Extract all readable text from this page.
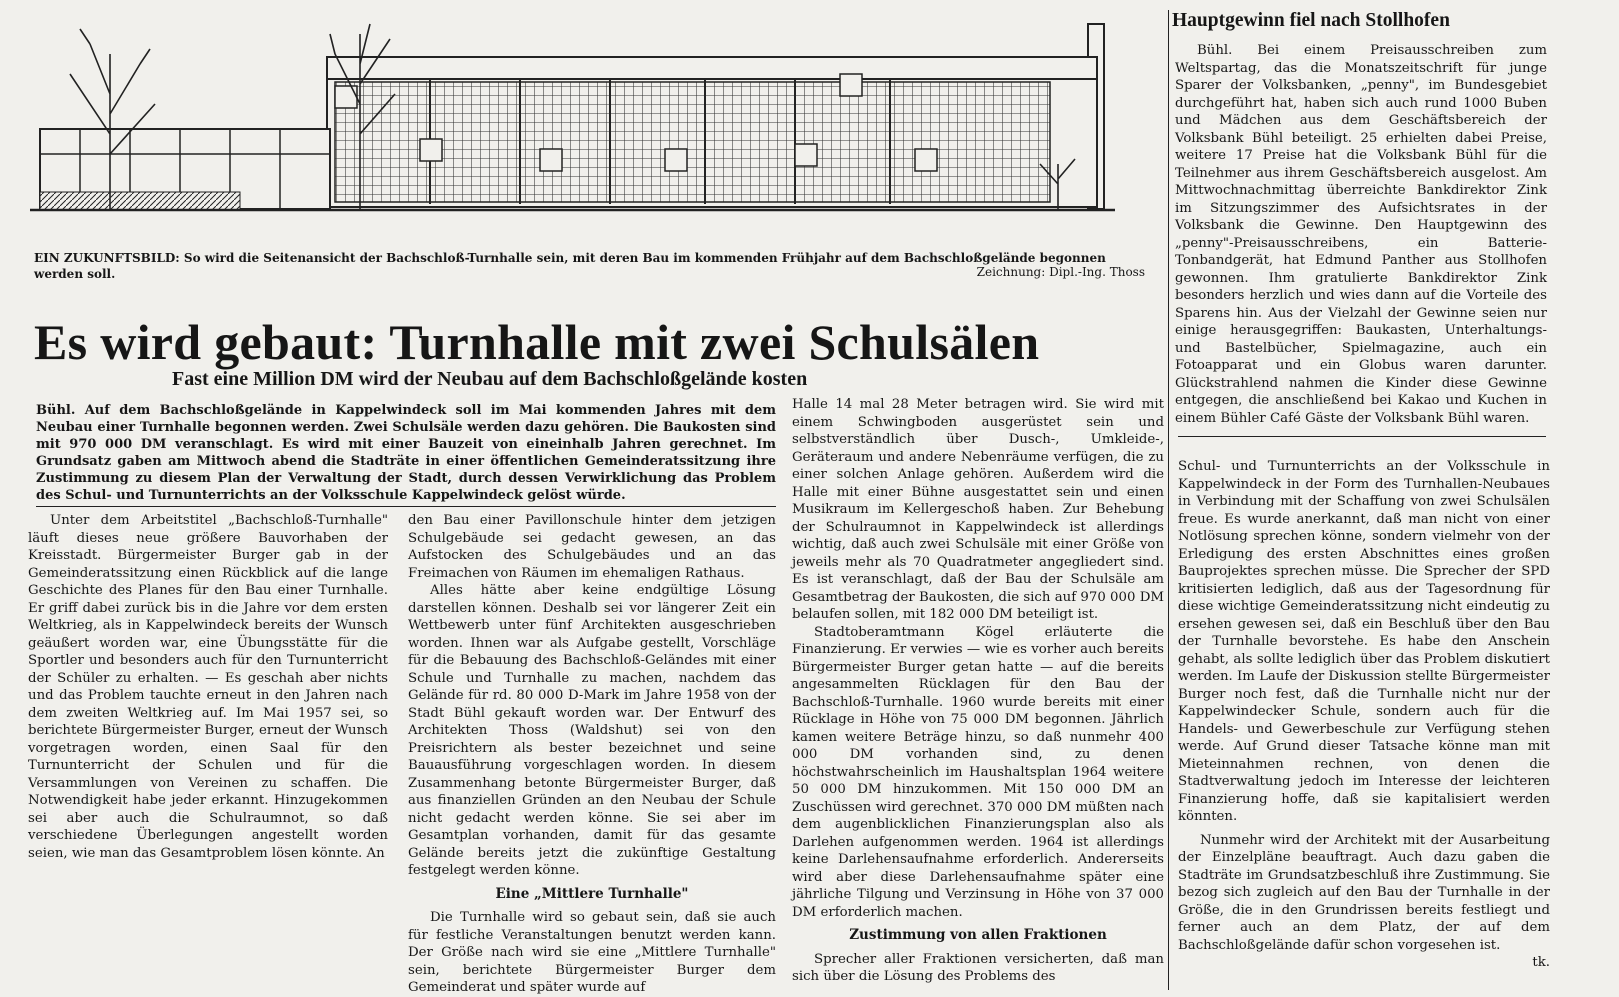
EIN ZUKUNFTSBILD: So wird die Seitenansicht der Bachschloß-Turnhalle sein, mit deren Bau im kommenden Frühjahr auf dem Bachschloßgelände begonnen werden soll.	Zeichnung: Dipl.-Ing. Thoss
Es wird gebaut: Turnhalle mit zwei Schulsälen
Fast eine Million DM wird der Neubau auf dem Bachschloßgelände kosten
Bühl. Auf dem Bachschloßgelände in Kappelwindeck soll im Mai kommenden Jahres mit dem Neubau einer Turnhalle begonnen werden. Zwei Schulsäle werden dazu gehören. Die Baukosten sind mit 970 000 DM veranschlagt. Es wird mit einer Bauzeit von eineinhalb Jahren gerechnet. Im Grundsatz gaben am Mittwoch abend die Stadträte in einer öffentlichen Gemeinderatssitzung ihre Zustimmung zu diesem Plan der Verwaltung der Stadt, durch dessen Verwirklichung das Problem des Schul- und Turnunterrichts an der Volksschule Kappelwindeck gelöst würde.

Unter dem Arbeitstitel „Bachschloß-Turnhalle" läuft dieses neue größere Bauvorhaben der Kreisstadt. Bürgermeister Burger gab in der Gemeinderatssitzung einen Rückblick auf die lange Geschichte des Planes für den Bau einer Turnhalle. Er griff dabei zurück bis in die Jahre vor dem ersten Weltkrieg, als in Kappelwindeck bereits der Wunsch geäußert worden war, eine Übungsstätte für die Sportler und besonders auch für den Turnunterricht der Schüler zu erhalten. — Es geschah aber nichts und das Problem tauchte erneut in den Jahren nach dem zweiten Weltkrieg auf. Im Mai 1957 sei, so berichtete Bürgermeister Burger, erneut der Wunsch vorgetragen worden, einen Saal für den Turnunterricht der Schulen und für die Versammlungen von Vereinen zu schaffen. Die Notwendigkeit habe jeder erkannt. Hinzugekommen sei aber auch die Schulraumnot, so daß verschiedene Überlegungen angestellt worden seien, wie man das Gesamtproblem lösen könnte. An

den Bau einer Pavillonschule hinter dem jetzigen Schulgebäude sei gedacht gewesen, an das Aufstocken des Schulgebäudes und an das Freimachen von Räumen im ehemaligen Rathaus.

Alles hätte aber keine endgültige Lösung darstellen können. Deshalb sei vor längerer Zeit ein Wettbewerb unter fünf Architekten ausgeschrieben worden. Ihnen war als Aufgabe gestellt, Vorschläge für die Bebauung des Bachschloß-Geländes mit einer Schule und Turnhalle zu machen, nachdem das Gelände für rd. 80 000 D-Mark im Jahre 1958 von der Stadt Bühl gekauft worden war. Der Entwurf des Architekten Thoss (Waldshut) sei von den Preisrichtern als bester bezeichnet und seine Bauausführung vorgeschlagen worden. In diesem Zusammenhang betonte Bürgermeister Burger, daß aus finanziellen Gründen an den Neubau der Schule nicht gedacht werden könne. Sie sei aber im Gesamtplan vorhanden, damit für das gesamte Gelände bereits jetzt die zukünftige Gestaltung festgelegt werden könne.

Eine „Mittlere Turnhalle"

Die Turnhalle wird so gebaut sein, daß sie auch für festliche Veranstaltungen benutzt werden kann. Der Größe nach wird sie eine „Mittlere Turnhalle" sein, berichtete Bürgermeister Burger dem Gemeinderat und später wurde auf

Halle 14 mal 28 Meter betragen wird. Sie wird mit einem Schwingboden ausgerüstet sein und selbstverständlich über Dusch-, Umkleide-, Geräteraum und andere Nebenräume verfügen, die zu einer solchen Anlage gehören. Außerdem wird die Halle mit einer Bühne ausgestattet sein und einen Musikraum im Kellergeschoß haben. Zur Behebung der Schulraumnot in Kappelwindeck ist allerdings wichtig, daß auch zwei Schulsäle mit einer Größe von jeweils mehr als 70 Quadratmeter angegliedert sind. Es ist veranschlagt, daß der Bau der Schulsäle am Gesamtbetrag der Baukosten, die sich auf 970 000 DM belaufen sollen, mit 182 000 DM beteiligt ist.

Stadtoberamtmann Kögel erläuterte die Finanzierung. Er verwies — wie es vorher auch bereits Bürgermeister Burger getan hatte — auf die bereits angesammelten Rücklagen für den Bau der Bachschloß-Turnhalle. 1960 wurde bereits mit einer Rücklage in Höhe von 75 000 DM begonnen. Jährlich kamen weitere Beträge hinzu, so daß nunmehr 400 000 DM vorhanden sind, zu denen höchstwahrscheinlich im Haushaltsplan 1964 weitere 50 000 DM hinzukommen. Mit 150 000 DM an Zuschüssen wird gerechnet. 370 000 DM müßten nach dem augenblicklichen Finanzierungsplan also als Darlehen aufgenommen werden. 1964 ist allerdings keine Darlehensaufnahme erforderlich. Andererseits wird aber diese Darlehensaufnahme später eine jährliche Tilgung und Verzinsung in Höhe von 37 000 DM erforderlich machen.

Zustimmung von allen Fraktionen

Sprecher aller Fraktionen versicherten, daß man sich über die Lösung des Problems des

Hauptgewinn fiel nach Stollhofen

Bühl. Bei einem Preisausschreiben zum Weltspartag, das die Monatszeitschrift für junge Sparer der Volksbanken, „penny", im Bundesgebiet durchgeführt hat, haben sich auch rund 1000 Buben und Mädchen aus dem Geschäftsbereich der Volksbank Bühl beteiligt. 25 erhielten dabei Preise, weitere 17 Preise hat die Volksbank Bühl für die Teilnehmer aus ihrem Geschäftsbereich ausgelost. Am Mittwochnachmittag überreichte Bankdirektor Zink im Sitzungszimmer des Aufsichtsrates in der Volksbank die Gewinne. Den Hauptgewinn des „penny"-Preisausschreibens, ein Batterie-Tonbandgerät, hat Edmund Panther aus Stollhofen gewonnen. Ihm gratulierte Bankdirektor Zink besonders herzlich und wies dann auf die Vorteile des Sparens hin. Aus der Vielzahl der Gewinne seien nur einige herausgegriffen: Baukasten, Unterhaltungs- und Bastelbücher, Spielmagazine, auch ein Fotoapparat und ein Globus waren darunter. Glückstrahlend nahmen die Kinder diese Gewinne entgegen, die anschließend bei Kakao und Kuchen in einem Bühler Café Gäste der Volksbank Bühl waren.

Schul- und Turnunterrichts an der Volksschule in Kappelwindeck in der Form des Turnhallen-Neubaues in Verbindung mit der Schaffung von zwei Schulsälen freue. Es wurde anerkannt, daß man nicht von einer Notlösung sprechen könne, sondern vielmehr von der Erledigung des ersten Abschnittes eines großen Bauprojektes sprechen müsse. Die Sprecher der SPD kritisierten lediglich, daß aus der Tagesordnung für diese wichtige Gemeinderatssitzung nicht eindeutig zu ersehen gewesen sei, daß ein Beschluß über den Bau der Turnhalle bevorstehe. Es habe den Anschein gehabt, als sollte lediglich über das Problem diskutiert werden. Im Laufe der Diskussion stellte Bürgermeister Burger noch fest, daß die Turnhalle nicht nur der Kappelwindecker Schule, sondern auch für die Handels- und Gewerbeschule zur Verfügung stehen werde. Auf Grund dieser Tatsache könne man mit Mieteinnahmen rechnen, von denen die Stadtverwaltung jedoch im Interesse der leichteren Finanzierung hoffe, daß sie kapitalisiert werden könnten.

Nunmehr wird der Architekt mit der Ausarbeitung der Einzelpläne beauftragt. Auch dazu gaben die Stadträte im Grundsatzbeschluß ihre Zustimmung. Sie bezog sich zugleich auf den Bau der Turnhalle in der Größe, die in den Grundrissen bereits festliegt und ferner auch an dem Platz, der auf dem Bachschloßgelände dafür schon vorgesehen ist.

tk.
